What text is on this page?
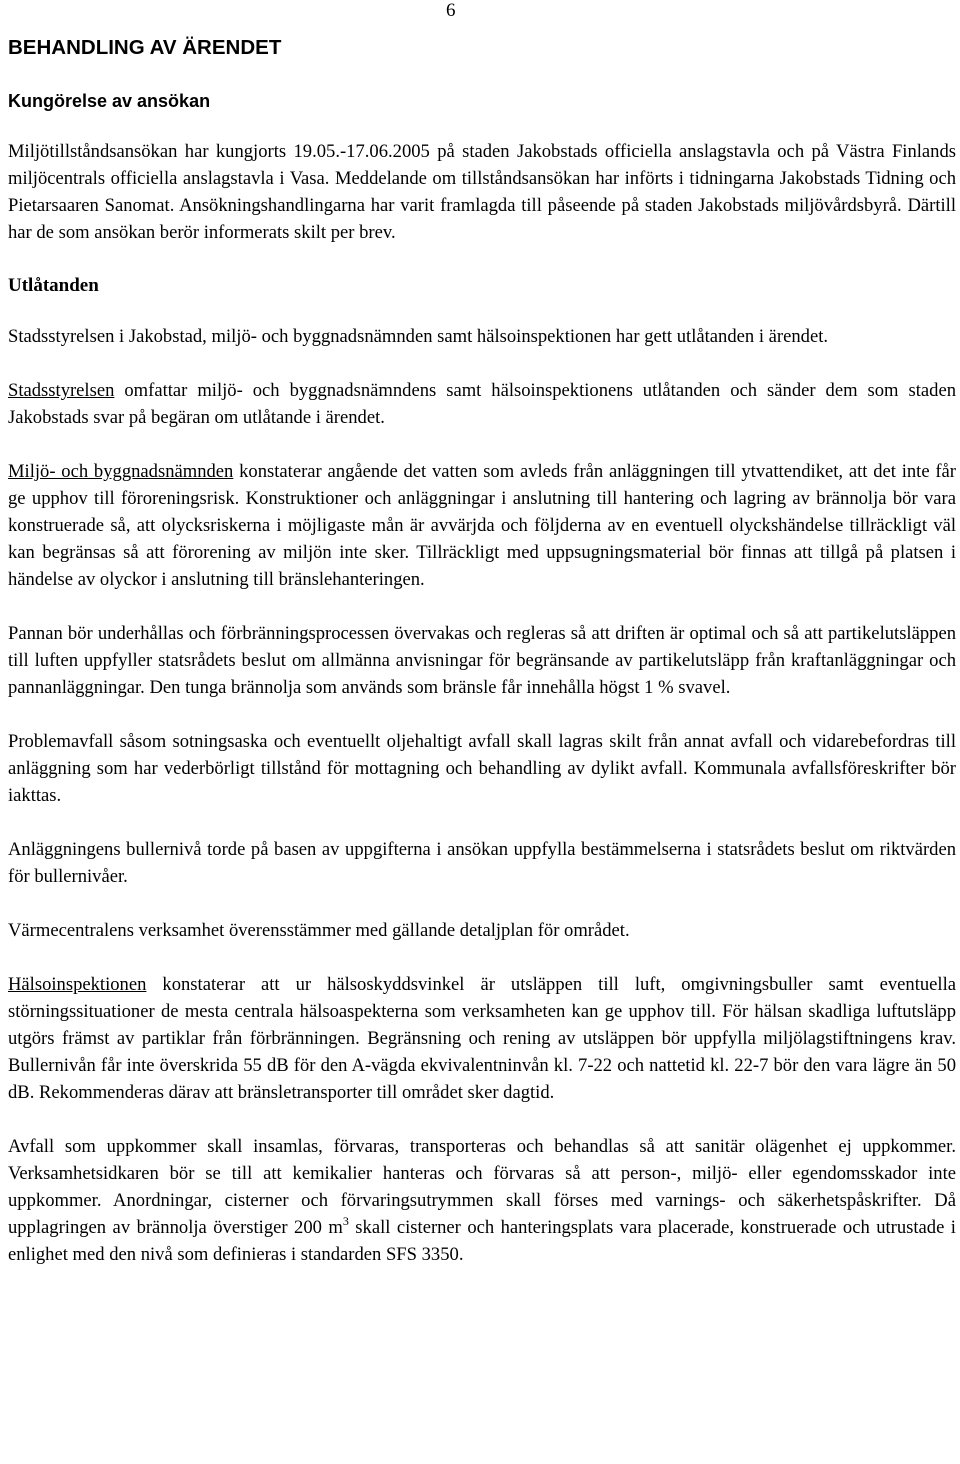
6
BEHANDLING AV ÄRENDET
Kungörelse av ansökan

Miljötillståndsansökan har kungjorts 19.05.-17.06.2005 på staden Jakobstads officiella anslagstavla och på Västra Finlands miljöcentrals officiella anslagstavla i Vasa. Meddelande om tillståndsansökan har införts i tidningarna Jakobstads Tidning och Pietarsaaren Sanomat. Ansökningshandlingarna har varit framlagda till påseende på staden Jakobstads miljövårdsbyrå. Därtill har de som ansökan berör informerats skilt per brev.

Utlåtanden

Stadsstyrelsen i Jakobstad, miljö- och byggnadsnämnden samt hälsoinspektionen har gett utlåtanden i ärendet.

Stadsstyrelsen omfattar miljö- och byggnadsnämndens samt hälsoinspektionens utlåtanden och sänder dem som staden Jakobstads svar på begäran om utlåtande i ärendet.

Miljö- och byggnadsnämnden konstaterar angående det vatten som avleds från anläggningen till ytvattendiket, att det inte får ge upphov till föroreningsrisk. Konstruktioner och anläggningar i anslutning till hantering och lagring av brännolja bör vara konstruerade så, att olycksriskerna i möjligaste mån är avvärjda och följderna av en eventuell olyckshändelse tillräckligt väl kan begränsas så att förorening av miljön inte sker. Tillräckligt med uppsugningsmaterial bör finnas att tillgå på platsen i händelse av olyckor i anslutning till bränslehanteringen.

Pannan bör underhållas och förbränningsprocessen övervakas och regleras så att driften är optimal och så att partikelutsläppen till luften uppfyller statsrådets beslut om allmänna anvisningar för begränsande av partikelutsläpp från kraftanläggningar och pannanläggningar. Den tunga brännolja som används som bränsle får innehålla högst 1 % svavel.

Problemavfall såsom sotningsaska och eventuellt oljehaltigt avfall skall lagras skilt från annat avfall och vidarebefordras till anläggning som har vederbörligt tillstånd för mottagning och behandling av dylikt avfall. Kommunala avfallsföreskrifter bör iakttas.

Anläggningens bullernivå torde på basen av uppgifterna i ansökan uppfylla bestämmelserna i statsrådets beslut om riktvärden för bullernivåer.

Värmecentralens verksamhet överensstämmer med gällande detaljplan för området.

Hälsoinspektionen konstaterar att ur hälsoskyddsvinkel är utsläppen till luft, omgivningsbuller samt eventuella störningssituationer de mesta centrala hälsoaspekterna som verksamheten kan ge upphov till. För hälsan skadliga luftutsläpp utgörs främst av partiklar från förbränningen. Begränsning och rening av utsläppen bör uppfylla miljölagstiftningens krav. Bullernivån får inte överskrida 55 dB för den A-vägda ekvivalentninvån kl. 7-22 och nattetid kl. 22-7 bör den vara lägre än 50 dB. Rekommenderas därav att bränsletransporter till området sker dagtid.

Avfall som uppkommer skall insamlas, förvaras, transporteras och behandlas så att sanitär olägenhet ej uppkommer. Verksamhetsidkaren bör se till att kemikalier hanteras och förvaras så att person-, miljö- eller egendomsskador inte uppkommer. Anordningar, cisterner och förvaringsutrymmen skall förses med varnings- och säkerhetspåskrifter. Då upplagringen av brännolja överstiger 200 $m^3$ skall cisterner och hanteringsplats vara placerade, konstruerade och utrustade i enlighet med den nivå som definieras i standarden SFS 3350.
